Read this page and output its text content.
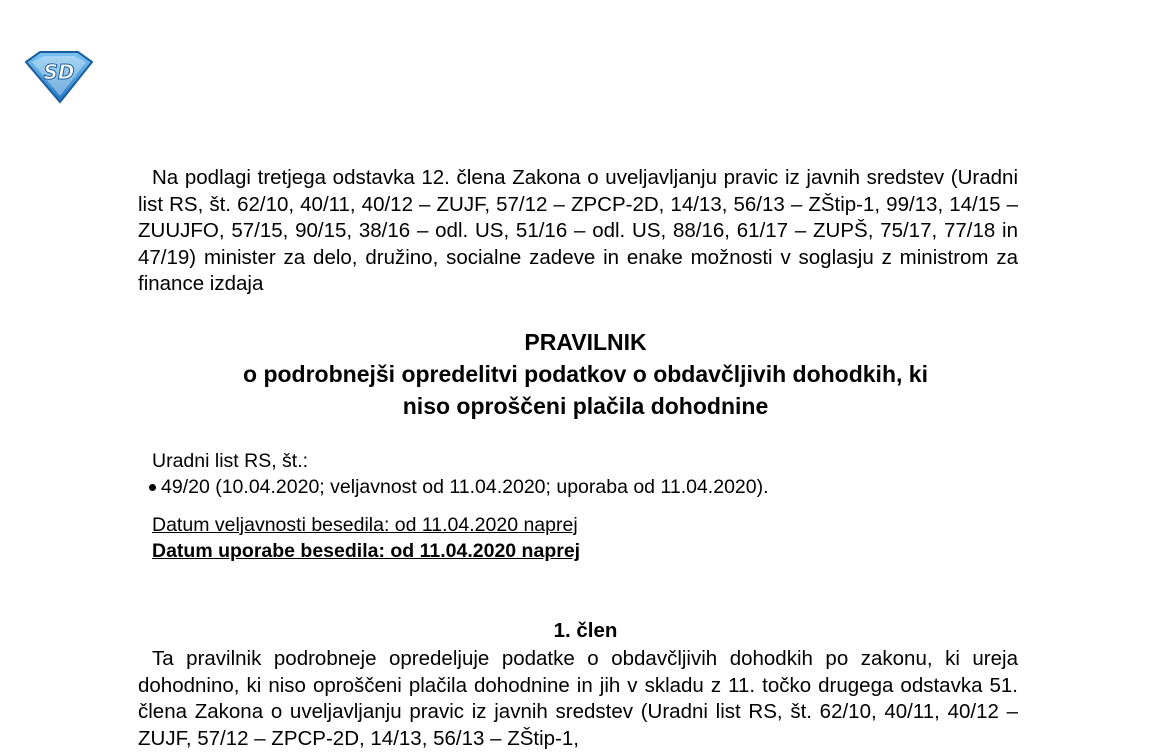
SD

Na podlagi tretjega odstavka 12. člena Zakona o uveljavljanju pravic iz javnih sredstev (Uradni list RS, št. 62/10, 40/11, 40/12 – ZUJF, 57/12 – ZPCP-2D, 14/13, 56/13 – ZŠtip-1, 99/13, 14/15 – ZUUJFO, 57/15, 90/15, 38/16 – odl. US, 51/16 – odl. US, 88/16, 61/17 – ZUPŠ, 75/17, 77/18 in 47/19) minister za delo, družino, socialne zadeve in enake možnosti v soglasju z ministrom za finance izdaja

PRAVILNIK
o podrobnejši opredelitvi podatkov o obdavčljivih dohodkih, ki
niso oproščeni plačila dohodnine
Uradni list RS, št.:
49/20 (10.04.2020; veljavnost od 11.04.2020; uporaba od 11.04.2020).
Datum veljavnosti besedila: od 11.04.2020 naprej
Datum uporabe besedila: od 11.04.2020 naprej
1. člen

Ta pravilnik podrobneje opredeljuje podatke o obdavčljivih dohodkih po zakonu, ki ureja dohodnino, ki niso oproščeni plačila dohodnine in jih v skladu z 11. točko drugega odstavka 51. člena Zakona o uveljavljanju pravic iz javnih sredstev (Uradni list RS, št. 62/10, 40/11, 40/12 – ZUJF, 57/12 – ZPCP-2D, 14/13, 56/13 – ZŠtip-1,
